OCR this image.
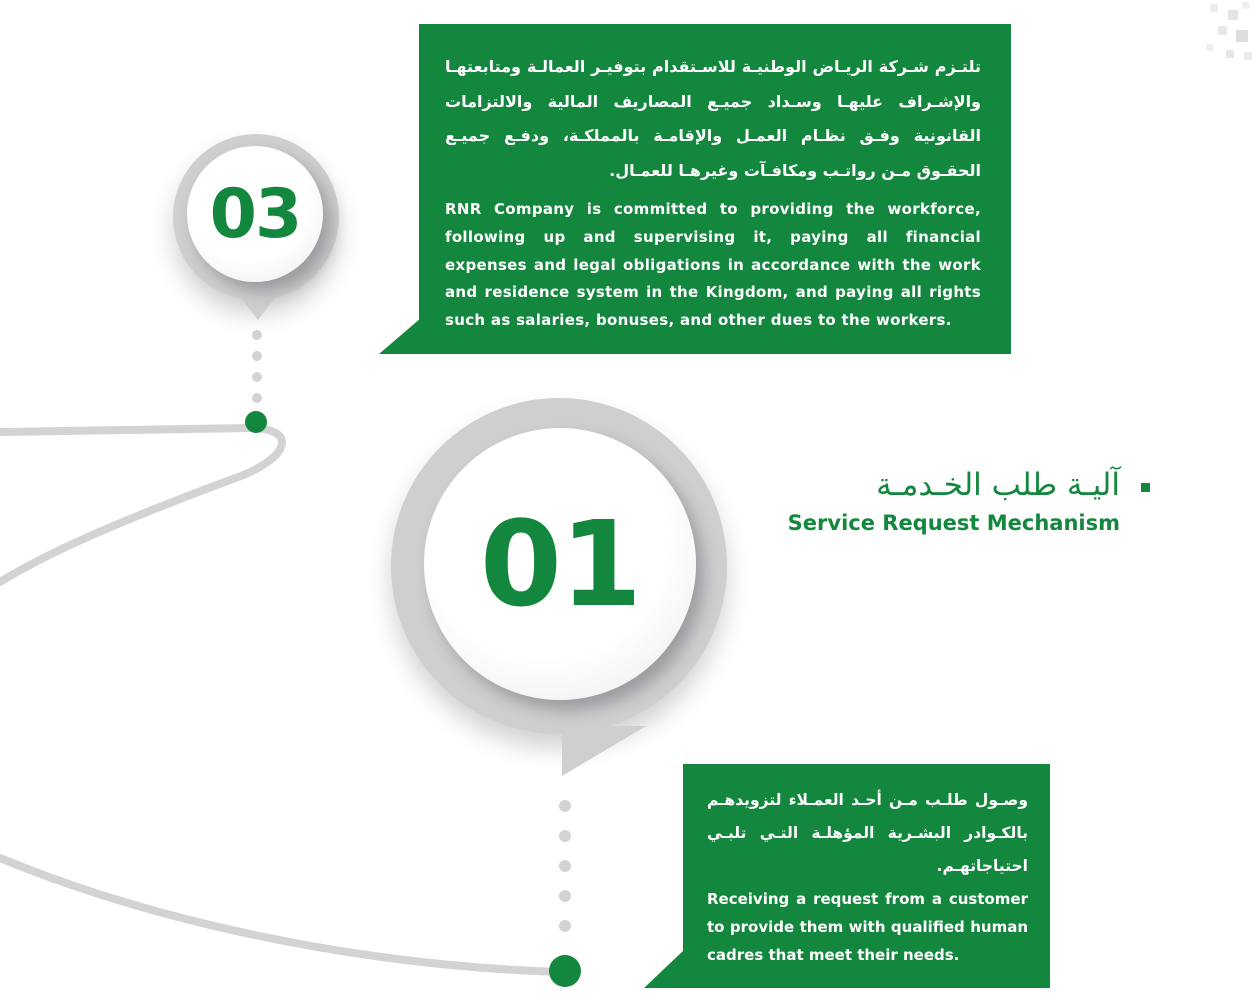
03
تلتـزم شـركة الريـاض الوطنيـة للاسـتقدام بتوفيـر العمالـة ومتابعتهـا والإشـراف عليهـا وسـداد جميـع المصاريف المالية والالتزامات القانونية وفـق نظـام العمـل والإقامـة بالمملكـة، ودفـع جميـع الحقـوق مـن رواتـب ومكافـآت وغيرهـا للعمـال.
RNR Company is committed to providing the workforce, following up and supervising it, paying all financial expenses and legal obligations in accordance with the work and residence system in the Kingdom, and paying all rights such as salaries, bonuses, and other dues to the workers.
01
آليـة طلب الخـدمـة
Service Request Mechanism
وصـول طلـب مـن أحـد العمـلاء لتزويدهـم بالكـوادر البشـرية المؤهلـة التـي تلبـي احتياجاتهـم.
Receiving a request from a customer to provide them with qualified human cadres that meet their needs.
